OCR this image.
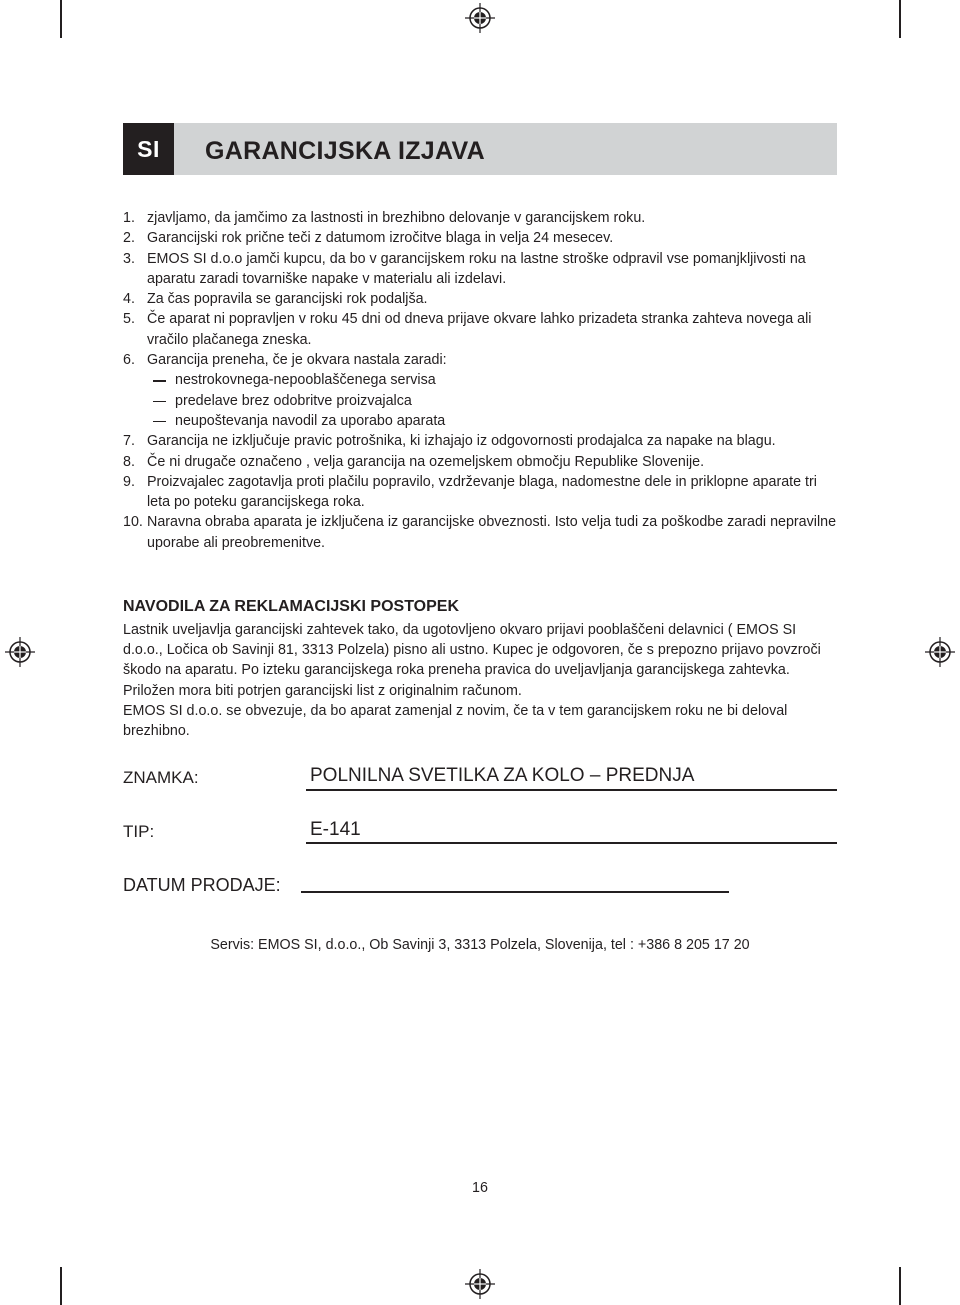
SI	GARANCIJSKA IZJAVA
1. zjavljamo, da jamčimo za lastnosti in brezhibno delovanje v garancijskem roku.
2. Garancijski rok prične teči z datumom izročitve blaga in velja 24 mesecev.
3. EMOS SI d.o.o jamči kupcu, da bo v garancijskem roku na lastne stroške odpravil vse pomanjkljivosti na aparatu zaradi tovarniške napake v materialu ali izdelavi.
4. Za čas popravila se garancijski rok podaljša.
5. Če aparat ni popravljen v roku 45 dni od dneva prijave okvare lahko prizadeta stranka zahteva novega ali vračilo plačanega zneska.
6. Garancija preneha, če je okvara nastala zaradi:
nestrokovnega-nepooblaščenega servisa
predelave brez odobritve proizvajalca
neupoštevanja navodil za uporabo aparata
7. Garancija ne izključuje pravic potrošnika, ki izhajajo iz odgovornosti prodajalca za napake na blagu.
8. Če ni drugače označeno , velja garancija na ozemeljskem območju Republike Slovenije.
9. Proizvajalec zagotavlja proti plačilu popravilo, vzdrževanje blaga, nadomestne dele in priklopne aparate tri leta po poteku garancijskega roka.
10. Naravna obraba aparata je izključena iz garancijske obveznosti. Isto velja tudi za poškodbe zaradi nepravilne uporabe ali preobremenitve.
NAVODILA ZA REKLAMACIJSKI POSTOPEK
Lastnik uveljavlja garancijski zahtevek tako, da ugotovljeno okvaro prijavi pooblaščeni delavnici ( EMOS SI d.o.o., Ločica ob Savinji 81, 3313 Polzela) pisno ali ustno. Kupec je odgovoren, če s prepozno prijavo povzroči škodo na aparatu. Po izteku garancijskega roka preneha pravica do uveljavljanja garancijskega zahtevka. Priložen mora biti potrjen garancijski list z originalnim računom.
EMOS SI d.o.o. se obvezuje, da bo aparat zamenjal z novim, če ta v tem garancijskem roku ne bi deloval brezhibno.
ZNAMKA:	POLNILNA SVETILKA ZA KOLO – PREDNJA
TIP:	E-141
DATUM PRODAJE:
Servis: EMOS SI, d.o.o., Ob Savinji 3, 3313 Polzela, Slovenija, tel : +386 8 205 17 20
16
